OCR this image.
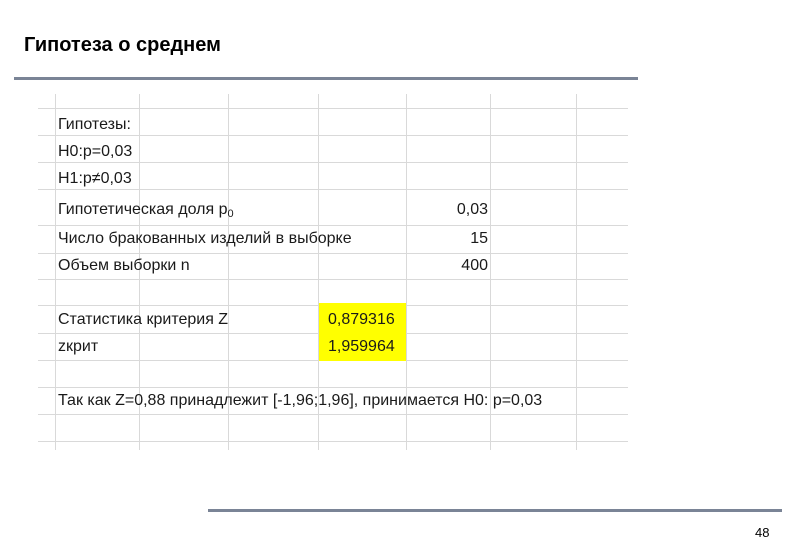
Гипотеза о среднем
Гипотезы:
H0:p=0,03
H1:p≠0,03
Гипотетическая доля $p_0$	0,03
Число бракованных изделий в выборке	15
Объем выборки n	400
Статистика критерия Z	0,879316
zкрит	1,959964
Так как Z=0,88 принадлежит [-1,96;1,96], принимается H0: p=0,03
48
